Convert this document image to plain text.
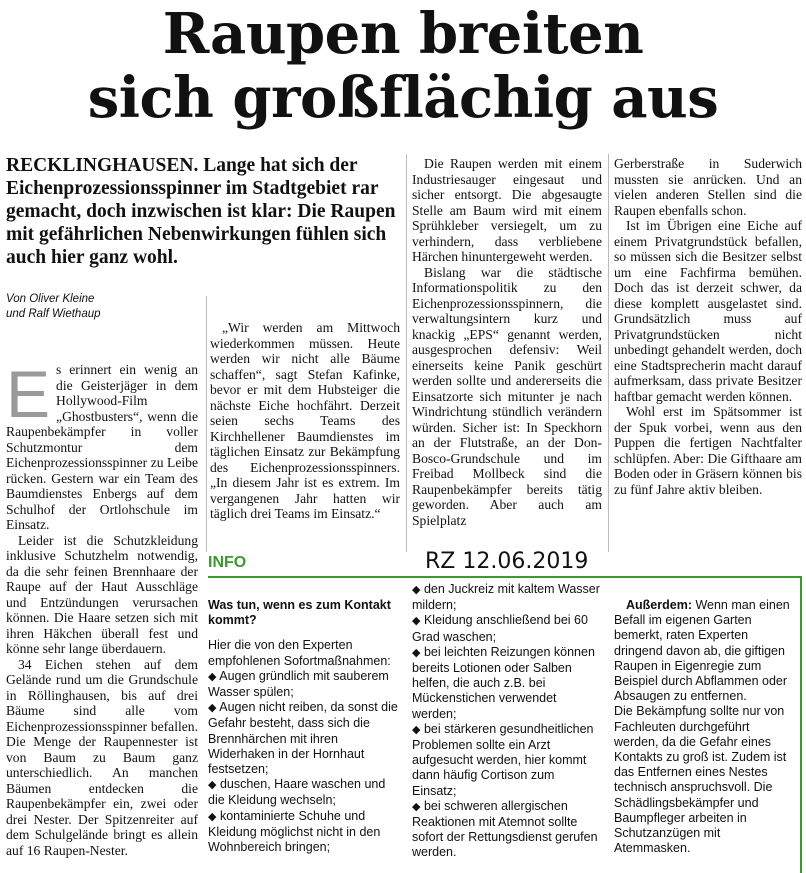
Raupen breiten
sich großflächig aus
RECKLINGHAUSEN. Lange hat sich der Eichenprozessionsspinner im Stadtgebiet rar gemacht, doch inzwischen ist klar: Die Raupen mit gefährlichen Nebenwirkungen fühlen sich auch hier ganz wohl.
Von Oliver Kleine
und Ralf Wiethaup

Es erinnert ein wenig an die Geisterjäger in dem Hollywood-Film „Ghostbusters“, wenn die Raupenbekämpfer in voller Schutzmontur dem Eichenprozessionsspinner zu Leibe rücken. Gestern war ein Team des Baumdienstes Enbergs auf dem Schulhof der Ortlohschule im Einsatz.

Leider ist die Schutzkleidung inklusive Schutzhelm notwendig, da die sehr feinen Brennhaare der Raupe auf der Haut Ausschläge und Entzündungen verursachen können. Die Haare setzen sich mit ihren Häkchen überall fest und könne sehr lange überdauern.

34 Eichen stehen auf dem Gelände rund um die Grundschule in Röllinghausen, bis auf drei Bäume sind alle vom Eichenprozessionsspinner befallen. Die Menge der Raupennester ist von Baum zu Baum ganz unterschiedlich. An manchen Bäumen entdecken die Raupenbekämpfer ein, zwei oder drei Nester. Der Spitzenreiter auf dem Schulgelände bringt es allein auf 16 Raupen-Nester.

„Wir werden am Mittwoch wiederkommen müssen. Heute werden wir nicht alle Bäume schaffen“, sagt Stefan Kafinke, bevor er mit dem Hubsteiger die nächste Eiche hochfährt. Derzeit seien sechs Teams des Kirchhellener Baumdienstes im täglichen Einsatz zur Bekämpfung des Eichenprozessionsspinners. „In diesem Jahr ist es extrem. Im vergangenen Jahr hatten wir täglich drei Teams im Einsatz.“

Die Raupen werden mit einem Industriesauger eingesaut und sicher entsorgt. Die abgesaugte Stelle am Baum wird mit einem Sprühkleber versiegelt, um zu verhindern, dass verbliebene Härchen hinuntergeweht werden.

Bislang war die städtische Informationspolitik zu den Eichenprozessionsspinnern, die verwaltungsintern kurz und knackig „EPS“ genannt werden, ausgesprochen defensiv: Weil einerseits keine Panik geschürt werden sollte und andererseits die Einsatzorte sich mitunter je nach Windrichtung stündlich verändern würden. Sicher ist: In Speckhorn an der Flutstraße, an der Don-Bosco-Grundschule und im Freibad Mollbeck sind die Raupenbekämpfer bereits tätig geworden. Aber auch am Spielplatz

Gerberstraße in Suderwich mussten sie anrücken. Und an vielen anderen Stellen sind die Raupen ebenfalls schon.

Ist im Übrigen eine Eiche auf einem Privatgrundstück befallen, so müssen sich die Besitzer selbst um eine Fachfirma bemühen. Doch das ist derzeit schwer, da diese komplett ausgelastet sind. Grundsätzlich muss auf Privatgrundstücken nicht unbedingt gehandelt werden, doch eine Stadtsprecherin macht darauf aufmerksam, dass private Besitzer haftbar gemacht werden können.

Wohl erst im Spätsommer ist der Spuk vorbei, wenn aus den Puppen die fertigen Nachtfalter schlüpfen. Aber: Die Gifthaare am Boden oder in Gräsern können bis zu fünf Jahre aktiv bleiben.

RZ 12.06.2019
INFO

Was tun, wenn es zum Kontakt kommt?

Hier die von den Experten empfohlenen Sofortmaßnahmen:

◆ Augen gründlich mit sauberem Wasser spülen;

◆ Augen nicht reiben, da sonst die Gefahr besteht, dass sich die Brennhärchen mit ihren Widerhaken in der Hornhaut festsetzen;

◆ duschen, Haare waschen und die Kleidung wechseln;

◆ kontaminierte Schuhe und Kleidung möglichst nicht in den Wohnbereich bringen;

◆ den Juckreiz mit kaltem Wasser mildern;

◆ Kleidung anschließend bei 60 Grad waschen;

◆ bei leichten Reizungen können bereits Lotionen oder Salben helfen, die auch z.B. bei Mückenstichen verwendet werden;

◆ bei stärkeren gesundheitlichen Problemen sollte ein Arzt aufgesucht werden, hier kommt dann häufig Cortison zum Einsatz;

◆ bei schweren allergischen Reaktionen mit Atemnot sollte sofort der Rettungsdienst gerufen werden.

Außerdem: Wenn man einen Befall im eigenen Garten bemerkt, raten Experten dringend davon ab, die giftigen Raupen in Eigenregie zum Beispiel durch Abflammen oder Absaugen zu entfernen.

Die Bekämpfung sollte nur von Fachleuten durchgeführt werden, da die Gefahr eines Kontakts zu groß ist. Zudem ist das Entfernen eines Nestes technisch anspruchsvoll. Die Schädlingsbekämpfer und Baumpfleger arbeiten in Schutzanzügen mit Atemmasken.
